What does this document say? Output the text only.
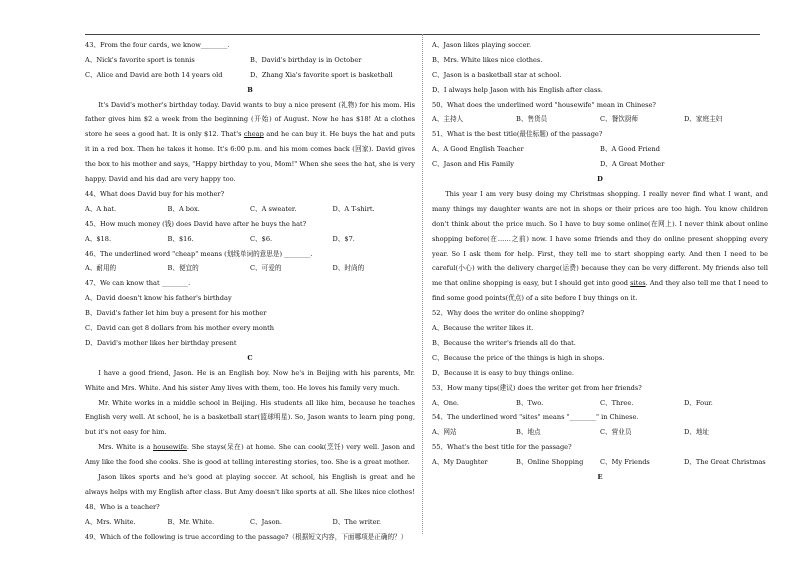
43、From the four cards, we know________.
A、Nick's favorite sport is tennis	B、David's birthday is in October
C、Alice and David are both 14 years old	D、Zhang Xia's favorite sport is basketball
B
It's David's mother's birthday today. David wants to buy a nice present (礼物) for his mom. His father gives him $2 a week from the beginning (开始) of August. Now he has $18! At a clothes store he sees a good hat. It is only $12. That's cheap and he can buy it. He buys the hat and puts it in a red box. Then he takes it home. It's 6:00 p.m. and his mom comes back (回家). David gives the box to his mother and says, "Happy birthday to you, Mom!" When she sees the hat, she is very happy. David and his dad are very happy too.
44、What does David buy for his mother?
A、A hat.	B、A box.	C、A sweater.	D、A T-shirt.
45、How much money (钱) does David have after he buys the hat?
A、$18.	B、$16.	C、$6.	D、$7.
46、The underlined word "cheap" means (划线单词的意思是) ________.
A、耐用的	B、便宜的	C、可爱的	D、时尚的
47、We can know that ________.
A、David doesn't know his father's birthday
B、David's father let him buy a present for his mother
C、David can get 8 dollars from his mother every month
D、David's mother likes her birthday present
C
I have a good friend, Jason. He is an English boy. Now he's in Beijing with his parents, Mr. White and Mrs. White. And his sister Amy lives with them, too. He loves his family very much.
Mr. White works in a middle school in Beijing. His students all like him, because he teaches English very well. At school, he is a basketball star(篮球明星). So, Jason wants to learn ping pong, but it's not easy for him.
Mrs. White is a housewife. She stays(呆在) at home. She can cook(烹饪) very well. Jason and Amy like the food she cooks. She is good at telling interesting stories, too. She is a great mother.
Jason likes sports and he's good at playing soccer. At school, his English is great and he always helps with my English after class. But Amy doesn't like sports at all. She likes nice clothes!
48、Who is a teacher?
A、Mrs. White.	B、Mr. White.	C、Jason.	D、The writer.
49、Which of the following is true according to the passage?（根据短文内容，下面哪项是正确的？）
A、Jason likes playing soccer.
B、Mrs. White likes nice clothes.
C、Jason is a basketball star at school.
D、I always help Jason with his English after class.
50、What does the underlined word "housewife" mean in Chinese?
A、主持人	B、售货员	C、餐饮厨师	D、家庭主妇
51、What is the best title(最佳标题) of the passage?
A、A Good English Teacher	B、A Good Friend
C、Jason and His Family	D、A Great Mother
D
This year I am very busy doing my Christmas shopping. I really never find what I want, and many things my daughter wants are not in shops or their prices are too high. You know children don't think about the price much. So I have to buy some online(在网上). I never think about online shopping before(在……之前) now. I have some friends and they do online present shopping every year. So I ask them for help. First, they tell me to start shopping early. And then I need to be careful(小心) with the delivery charge(运费) because they can be very different. My friends also tell me that online shopping is easy, but I should get into good sites. And they also tell me that I need to find some good points(优点) of a site before I buy things on it.
52、Why does the writer do online shopping?
A、Because the writer likes it.
B、Because the writer's friends all do that.
C、Because the price of the things is high in shops.
D、Because it is easy to buy things online.
53、How many tips(建议) does the writer get from her friends?
A、One.	B、Two.	C、Three.	D、Four.
54、The underlined word "sites" means "________" in Chinese.
A、网站	B、地点	C、营业员	D、地址
55、What's the best title for the passage?
A、My Daughter	B、Online Shopping	C、My Friends	D、The Great Christmas
E
